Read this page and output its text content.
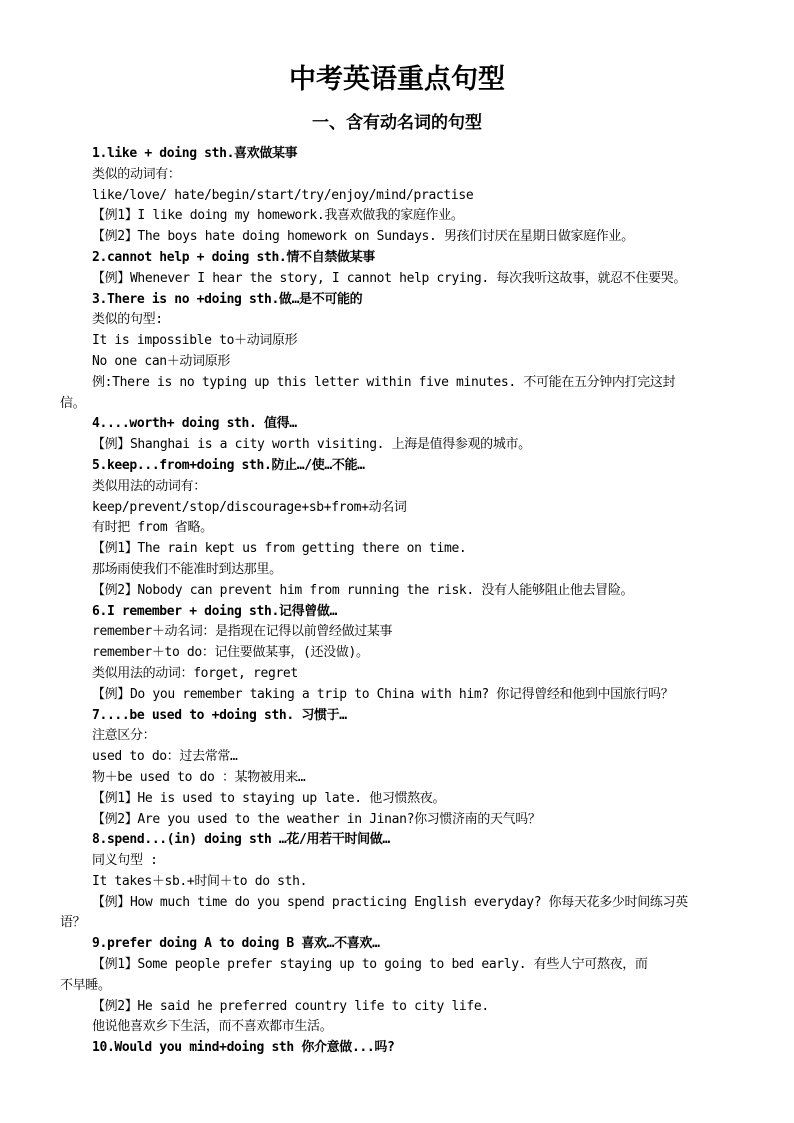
中考英语重点句型
一、含有动名词的句型
1.like + doing sth.喜欢做某事
类似的动词有：
like/love/ hate/begin/start/try/enjoy/mind/practise
【例1】I like doing my homework.我喜欢做我的家庭作业。
【例2】The boys hate doing homework on Sundays. 男孩们讨厌在星期日做家庭作业。
2.cannot help + doing sth.情不自禁做某事
【例】Whenever I hear the story, I cannot help crying. 每次我听这故事，就忍不住要哭。
3.There is no +doing sth.做…是不可能的
类似的句型:
It is impossible to＋动词原形
No one can＋动词原形
例:There is no typing up this letter within five minutes. 不可能在五分钟内打完这封
信。
4....worth+ doing sth. 值得…
【例】Shanghai is a city worth visiting. 上海是值得参观的城市。
5.keep...from+doing sth.防止…/使…不能…
类似用法的动词有：
keep/prevent/stop/discourage+sb+from+动名词
有时把 from 省略。
【例1】The rain kept us from getting there on time.
那场雨使我们不能准时到达那里。
【例2】Nobody can prevent him from running the risk. 没有人能够阻止他去冒险。
6.I remember + doing sth.记得曾做…
remember＋动名词：是指现在记得以前曾经做过某事
remember＋to do：记住要做某事，(还没做)。
类似用法的动词：forget, regret
【例】Do you remember taking a trip to China with him? 你记得曾经和他到中国旅行吗？
7....be used to +doing sth. 习惯于…
注意区分：
used to do：过去常常…
物＋be used to do ：某物被用来…
【例1】He is used to staying up late. 他习惯熬夜。
【例2】Are you used to the weather in Jinan?你习惯济南的天气吗？
8.spend...(in) doing sth …花/用若干时间做…
同义句型 :
It takes＋sb.+时间＋to do sth.
【例】How much time do you spend practicing English everyday? 你每天花多少时间练习英
语？
9.prefer doing A to doing B 喜欢…不喜欢…
【例1】Some people prefer staying up to going to bed early. 有些人宁可熬夜，而
不早睡。
【例2】He said he preferred country life to city life.
他说他喜欢乡下生活，而不喜欢都市生活。
10.Would you mind+doing sth 你介意做...吗?
